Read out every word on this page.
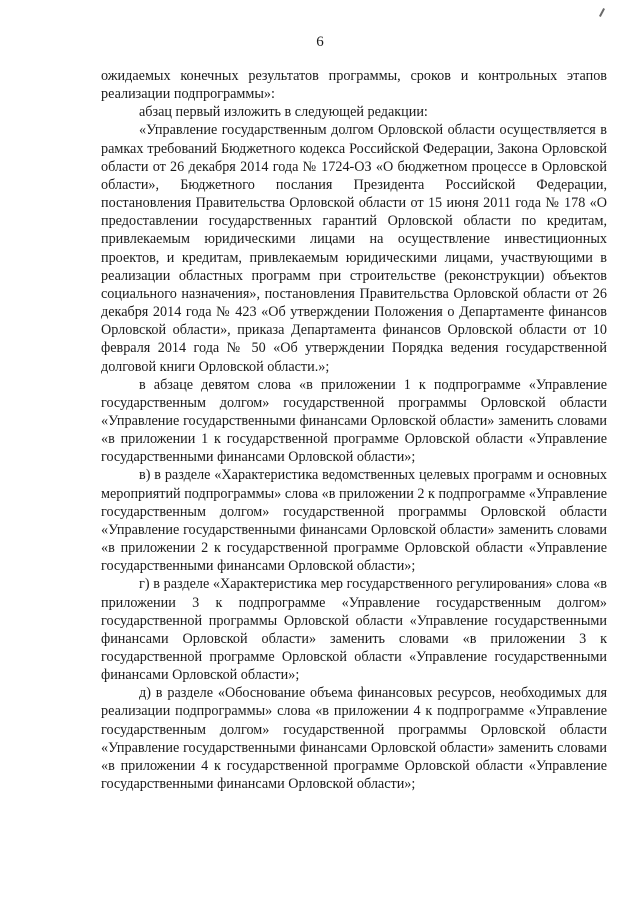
6

ожидаемых конечных результатов программы, сроков и контрольных этапов реализации подпрограммы»:

абзац первый изложить в следующей редакции:

«Управление государственным долгом Орловской области осуществляется в рамках требований Бюджетного кодекса Российской Федерации, Закона Орловской области от 26 декабря 2014 года № 1724-ОЗ «О бюджетном процессе в Орловской области», Бюджетного послания Президента Российской Федерации, постановления Правительства Орловской области от 15 июня 2011 года № 178 «О предоставлении государственных гарантий Орловской области по кредитам, привлекаемым юридическими лицами на осуществление инвестиционных проектов, и кредитам, привлекаемым юридическими лицами, участвующими в реализации областных программ при строительстве (реконструкции) объектов социального назначения», постановления Правительства Орловской области от 26 декабря 2014 года № 423 «Об утверждении Положения о Департаменте финансов Орловской области», приказа Департамента финансов Орловской области от 10 февраля 2014 года № 50 «Об утверждении Порядка ведения государственной долговой книги Орловской области.»;

в абзаце девятом слова «в приложении 1 к подпрограмме «Управление государственным долгом» государственной программы Орловской области «Управление государственными финансами Орловской области» заменить словами «в приложении 1 к государственной программе Орловской области «Управление государственными финансами Орловской области»;

в) в разделе «Характеристика ведомственных целевых программ и основных мероприятий подпрограммы» слова «в приложении 2 к подпрограмме «Управление государственным долгом» государственной программы Орловской области «Управление государственными финансами Орловской области» заменить словами «в приложении 2 к государственной программе Орловской области «Управление государственными финансами Орловской области»;

г) в разделе «Характеристика мер государственного регулирования» слова «в приложении 3 к подпрограмме «Управление государственным долгом» государственной программы Орловской области «Управление государственными финансами Орловской области» заменить словами «в приложении 3 к государственной программе Орловской области «Управление государственными финансами Орловской области»;

д) в разделе «Обоснование объема финансовых ресурсов, необходимых для реализации подпрограммы» слова «в приложении 4 к подпрограмме «Управление государственным долгом» государственной программы Орловской области «Управление государственными финансами Орловской области» заменить словами «в приложении 4 к государственной программе Орловской области «Управление государственными финансами Орловской области»;
